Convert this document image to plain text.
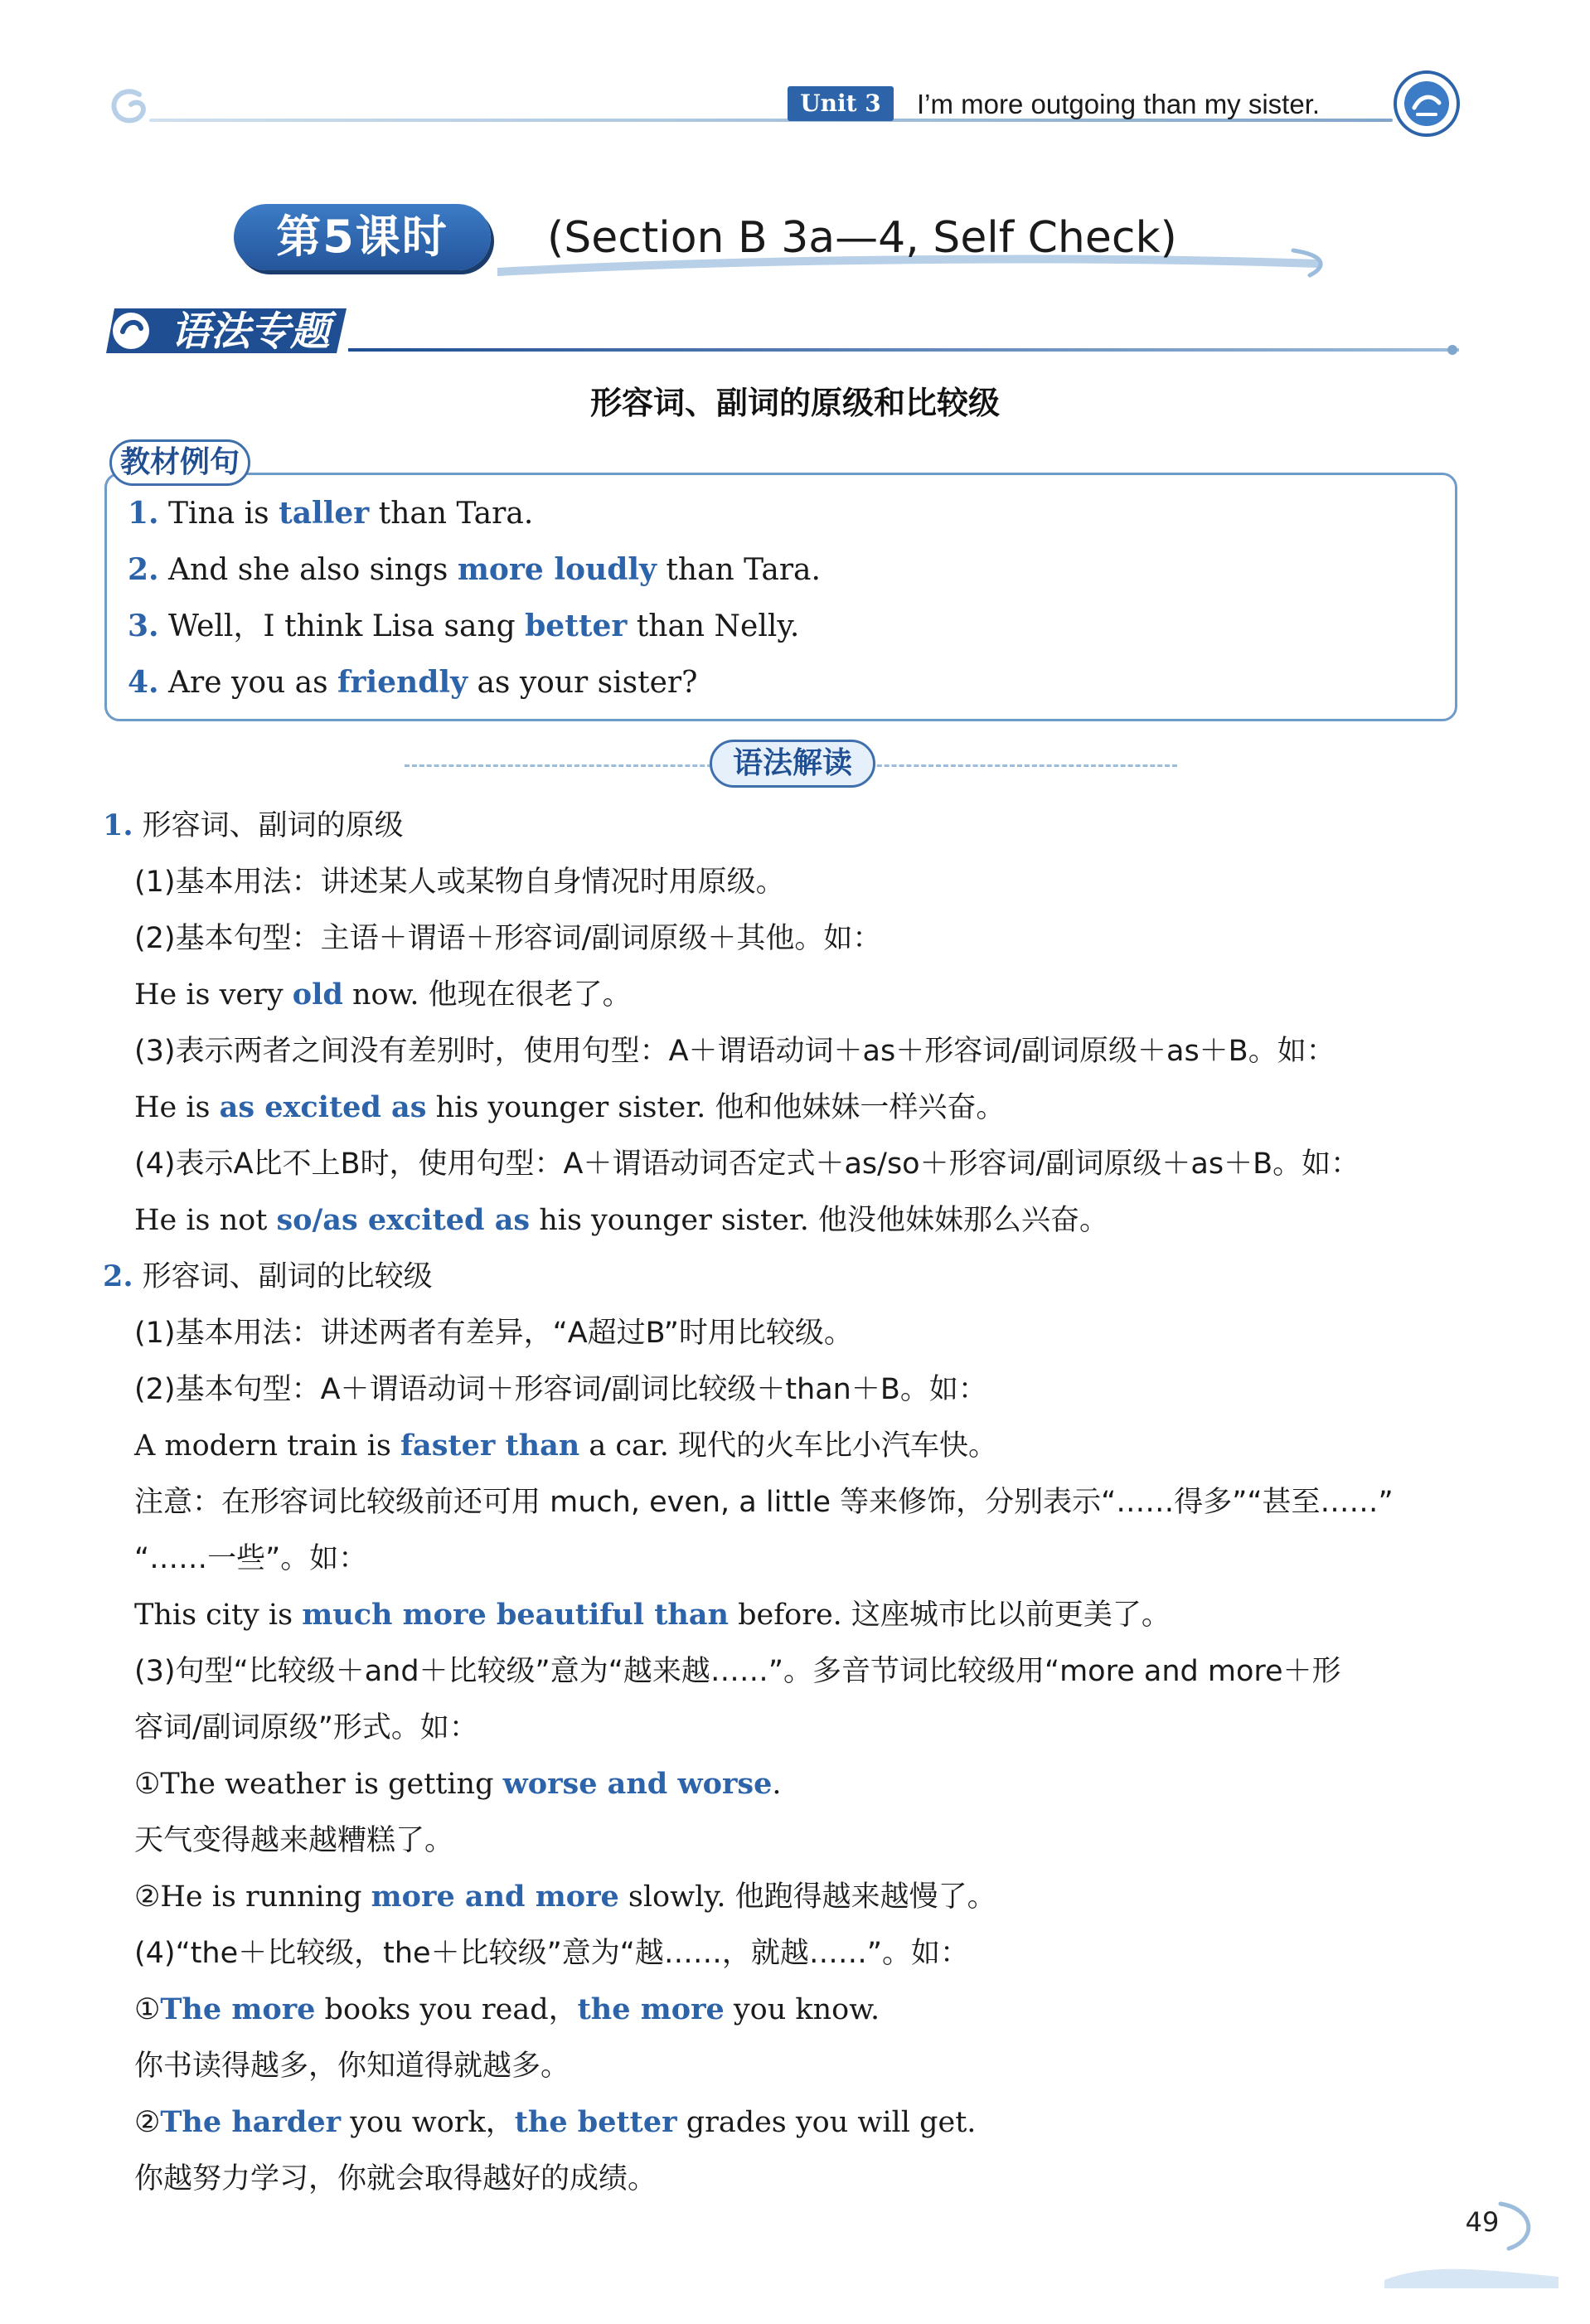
Unit 3	I’m more outgoing than my sister.
第5课时	(Section B 3a—4, Self Check)
语法专题
形容词、副词的原级和比较级
教材例句
1. Tina is taller than Tara.
2. And she also sings more loudly than Tara.
3. Well，I think Lisa sang better than Nelly.
4. Are you as friendly as your sister?
语法解读
1. 形容词、副词的原级
(1)基本用法：讲述某人或某物自身情况时用原级。
(2)基本句型：主语＋谓语＋形容词/副词原级＋其他。如：
He is very old now. 他现在很老了。
(3)表示两者之间没有差别时，使用句型：A＋谓语动词＋as＋形容词/副词原级＋as＋B。如：
He is as excited as his younger sister. 他和他妹妹一样兴奋。
(4)表示A比不上B时，使用句型：A＋谓语动词否定式＋as/so＋形容词/副词原级＋as＋B。如：
He is not so/as excited as his younger sister. 他没他妹妹那么兴奋。
2. 形容词、副词的比较级
(1)基本用法：讲述两者有差异，“A超过B”时用比较级。
(2)基本句型：A＋谓语动词＋形容词/副词比较级＋than＋B。如：
A modern train is faster than a car. 现代的火车比小汽车快。
注意：在形容词比较级前还可用 much, even, a little 等来修饰，分别表示“……得多”“甚至……”
“……一些”。如：
This city is much more beautiful than before. 这座城市比以前更美了。
(3)句型“比较级＋and＋比较级”意为“越来越……”。多音节词比较级用“more and more＋形
容词/副词原级”形式。如：
①The weather is getting worse and worse.
天气变得越来越糟糕了。
②He is running more and more slowly. 他跑得越来越慢了。
(4)“the＋比较级，the＋比较级”意为“越……，就越……”。如：
①The more books you read，the more you know.
你书读得越多，你知道得就越多。
②The harder you work，the better grades you will get.
你越努力学习，你就会取得越好的成绩。
49
